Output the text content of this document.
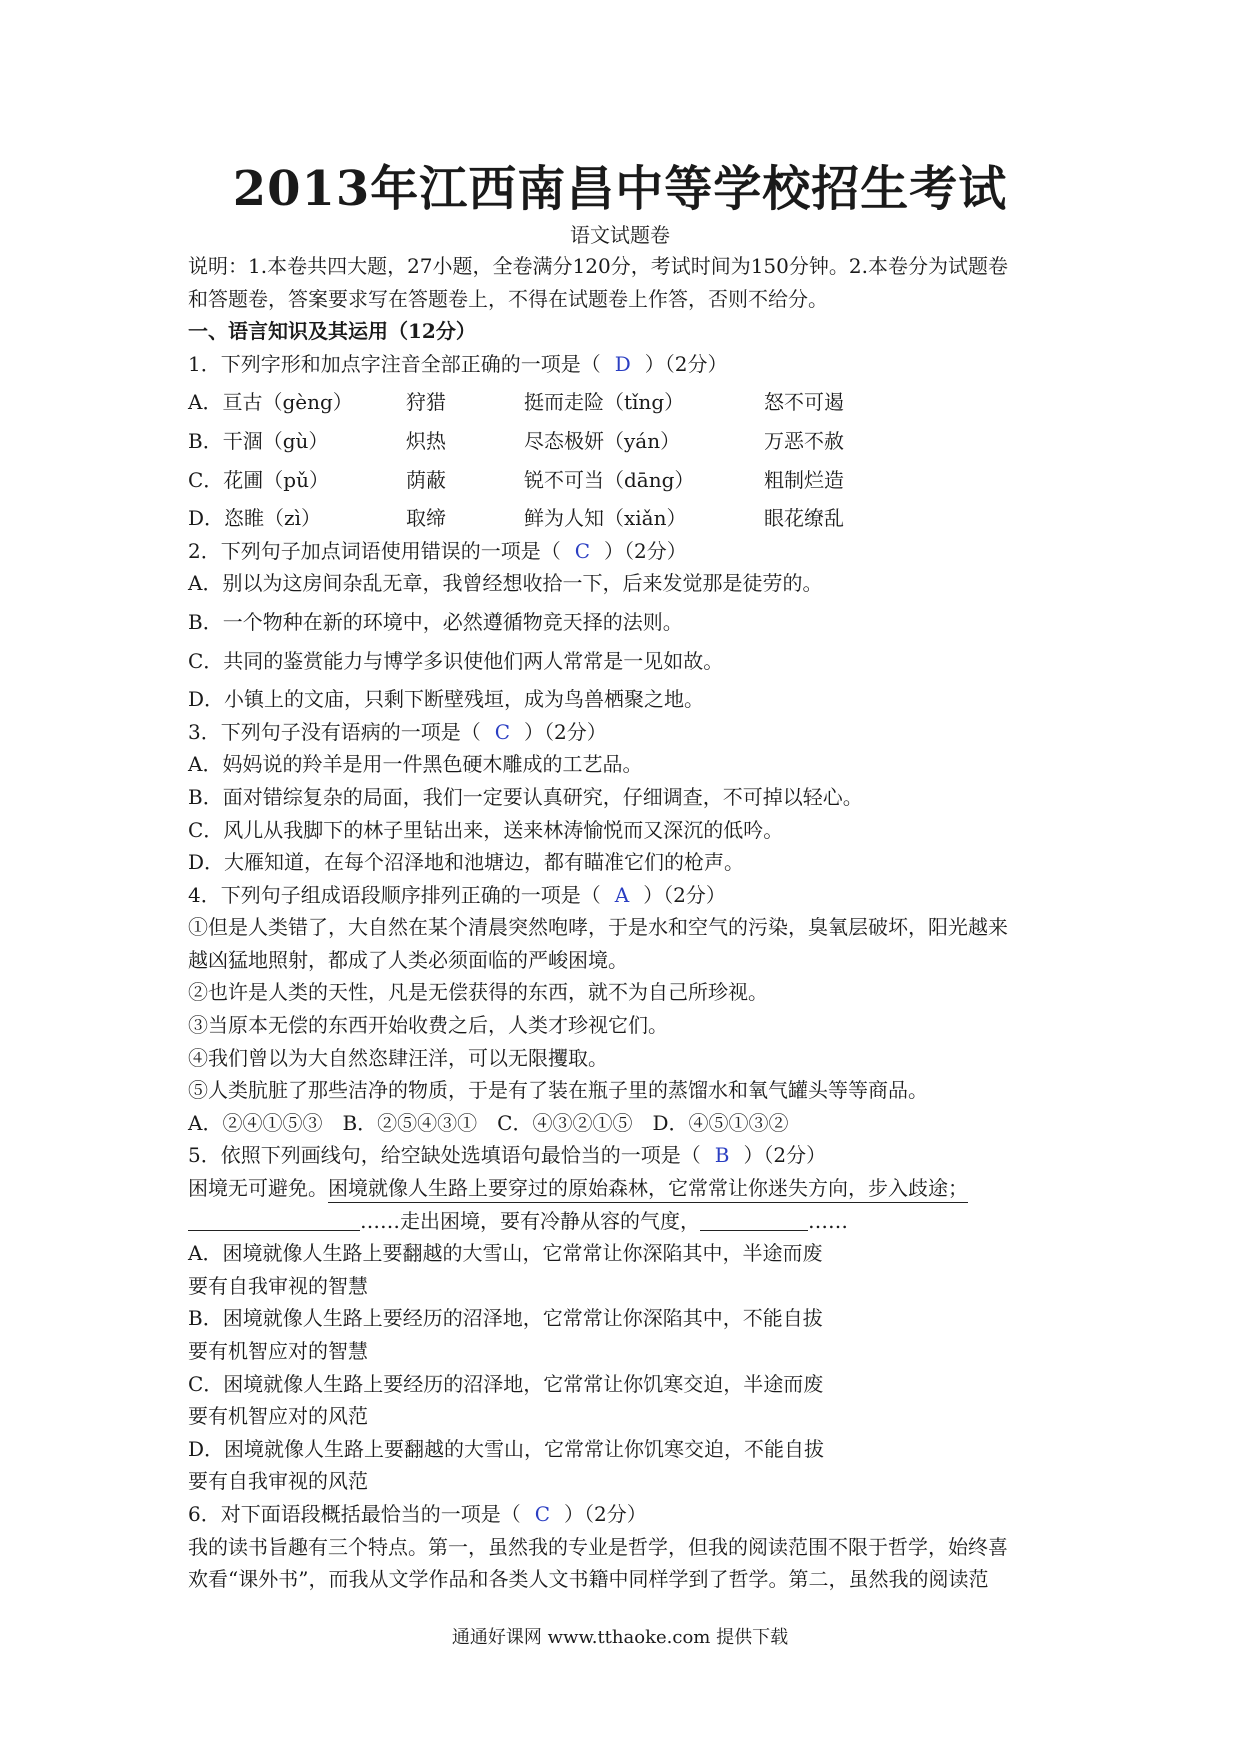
2013年江西南昌中等学校招生考试
语文试题卷
说明：1.本卷共四大题，27小题，全卷满分120分，考试时间为150分钟。2.本卷分为试题卷
和答题卷，答案要求写在答题卷上，不得在试题卷上作答，否则不给分。
一、语言知识及其运用（12分）
1．下列字形和加点字注音全部正确的一项是（ D ）（2分）
A．亘古（gèng）	狩猎	挺而走险（tǐng）	怒不可遏
B．干涸（gù）	炽热	尽态极妍（yán）	万恶不赦
C．花圃（pǔ）	荫蔽	锐不可当（dāng）	粗制烂造
D．恣睢（zì）	取缔	鲜为人知（xiǎn）	眼花缭乱
2．下列句子加点词语使用错误的一项是（ C ）（2分）
A．别以为这房间杂乱无章，我曾经想收拾一下，后来发觉那是徒劳的。
B．一个物种在新的环境中，必然遵循物竞天择的法则。
C．共同的鉴赏能力与博学多识使他们两人常常是一见如故。
D．小镇上的文庙，只剩下断壁残垣，成为鸟兽栖聚之地。
3．下列句子没有语病的一项是（ C ）（2分）
A．妈妈说的羚羊是用一件黑色硬木雕成的工艺品。
B．面对错综复杂的局面，我们一定要认真研究，仔细调查，不可掉以轻心。
C．风儿从我脚下的林子里钻出来，送来林涛愉悦而又深沉的低吟。
D．大雁知道，在每个沼泽地和池塘边，都有瞄准它们的枪声。
4．下列句子组成语段顺序排列正确的一项是（ A ）（2分）
①但是人类错了，大自然在某个清晨突然咆哮，于是水和空气的污染，臭氧层破坏，阳光越来
越凶猛地照射，都成了人类必须面临的严峻困境。
②也许是人类的天性，凡是无偿获得的东西，就不为自己所珍视。
③当原本无偿的东西开始收费之后，人类才珍视它们。
④我们曾以为大自然恣肆汪洋，可以无限攫取。
⑤人类肮脏了那些洁净的物质，于是有了装在瓶子里的蒸馏水和氧气罐头等等商品。
A．②④①⑤③　B．②⑤④③①　C．④③②①⑤　D．④⑤①③②
5．依照下列画线句，给空缺处选填语句最恰当的一项是（ B ）（2分）
困境无可避免。困境就像人生路上要穿过的原始森林，它常常让你迷失方向，步入歧途；
……走出困境，要有冷静从容的气度，	……
A．困境就像人生路上要翻越的大雪山，它常常让你深陷其中，半途而废
要有自我审视的智慧
B．困境就像人生路上要经历的沼泽地，它常常让你深陷其中，不能自拔
要有机智应对的智慧
C．困境就像人生路上要经历的沼泽地，它常常让你饥寒交迫，半途而废
要有机智应对的风范
D．困境就像人生路上要翻越的大雪山，它常常让你饥寒交迫，不能自拔
要有自我审视的风范
6．对下面语段概括最恰当的一项是（ C ）（2分）
我的读书旨趣有三个特点。第一，虽然我的专业是哲学，但我的阅读范围不限于哲学，始终喜
欢看“课外书”，而我从文学作品和各类人文书籍中同样学到了哲学。第二，虽然我的阅读范
通通好课网 www.tthaoke.com 提供下载
